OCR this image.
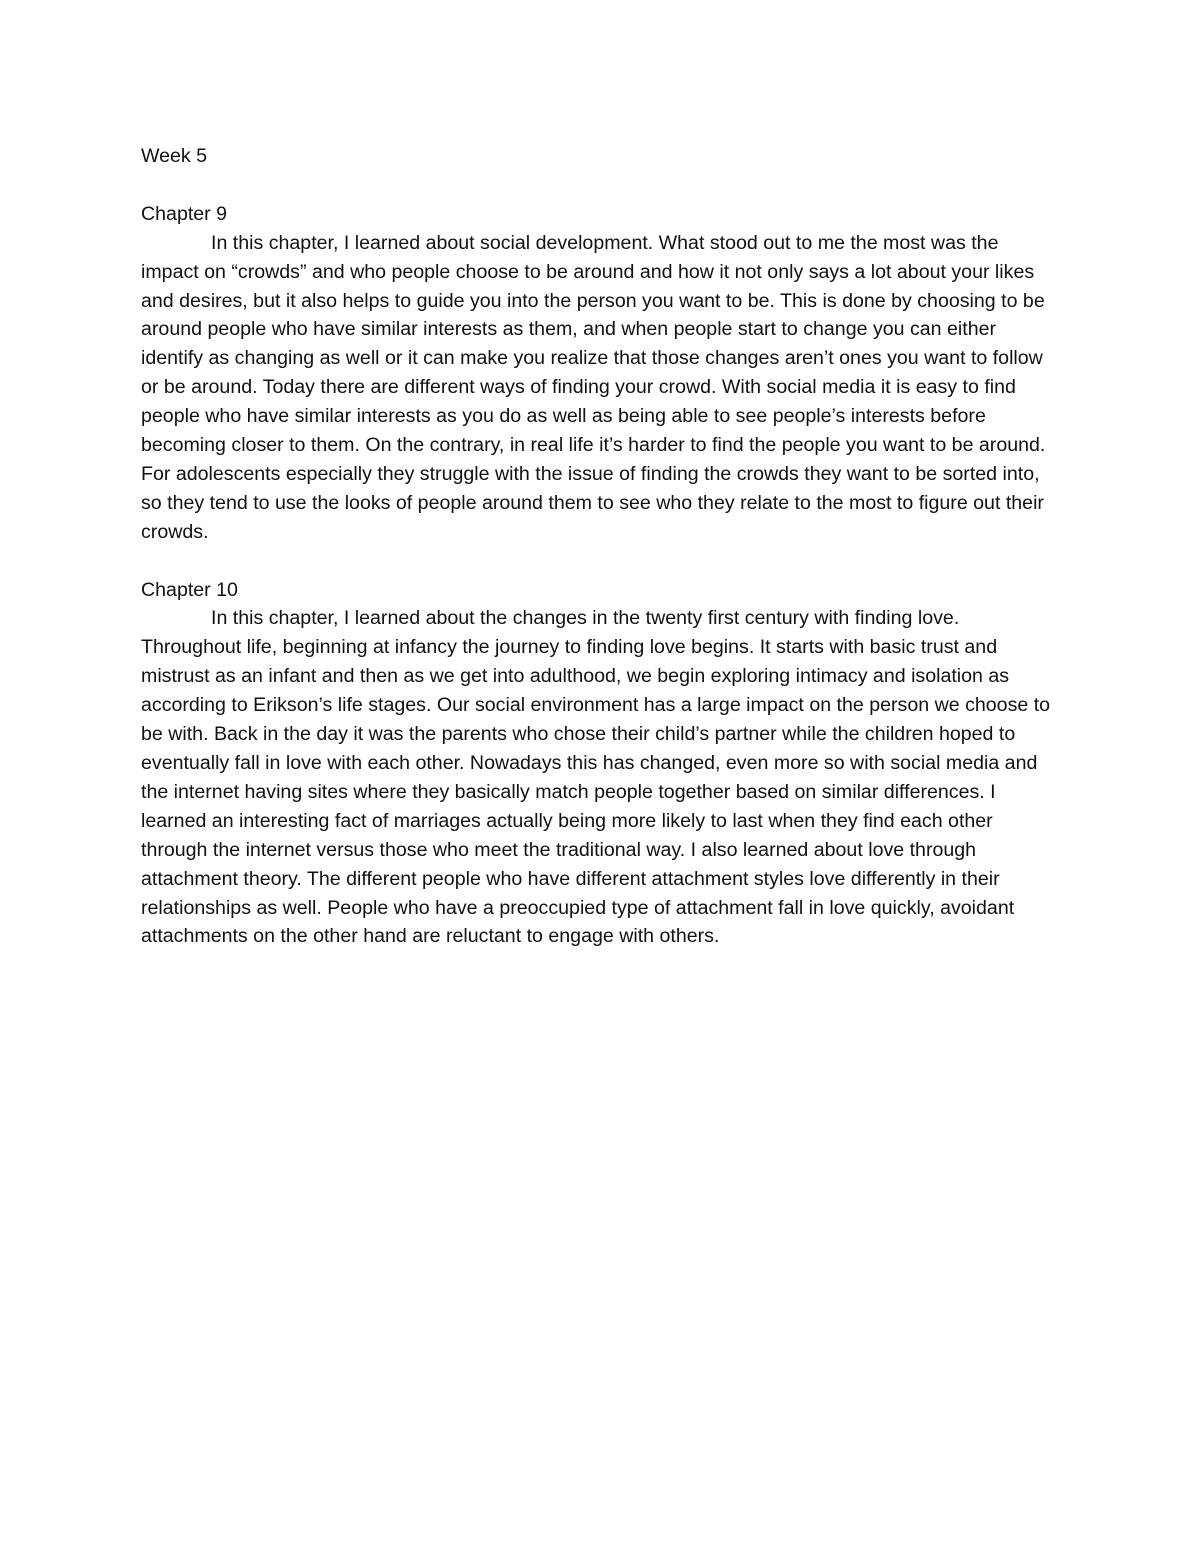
Week 5

Chapter 9

In this chapter, I learned about social development. What stood out to me the most was the impact on “crowds” and who people choose to be around and how it not only says a lot about your likes and desires, but it also helps to guide you into the person you want to be. This is done by choosing to be around people who have similar interests as them, and when people start to change you can either identify as changing as well or it can make you realize that those changes aren’t ones you want to follow or be around. Today there are different ways of finding your crowd. With social media it is easy to find people who have similar interests as you do as well as being able to see people’s interests before becoming closer to them. On the contrary, in real life it’s harder to find the people you want to be around. For adolescents especially they struggle with the issue of finding the crowds they want to be sorted into, so they tend to use the looks of people around them to see who they relate to the most to figure out their crowds.

Chapter 10

In this chapter, I learned about the changes in the twenty first century with finding love. Throughout life, beginning at infancy the journey to finding love begins. It starts with basic trust and mistrust as an infant and then as we get into adulthood, we begin exploring intimacy and isolation as according to Erikson’s life stages. Our social environment has a large impact on the person we choose to be with. Back in the day it was the parents who chose their child’s partner while the children hoped to eventually fall in love with each other. Nowadays this has changed, even more so with social media and the internet having sites where they basically match people together based on similar differences. I learned an interesting fact of marriages actually being more likely to last when they find each other through the internet versus those who meet the traditional way. I also learned about love through attachment theory. The different people who have different attachment styles love differently in their relationships as well. People who have a preoccupied type of attachment fall in love quickly, avoidant attachments on the other hand are reluctant to engage with others.
